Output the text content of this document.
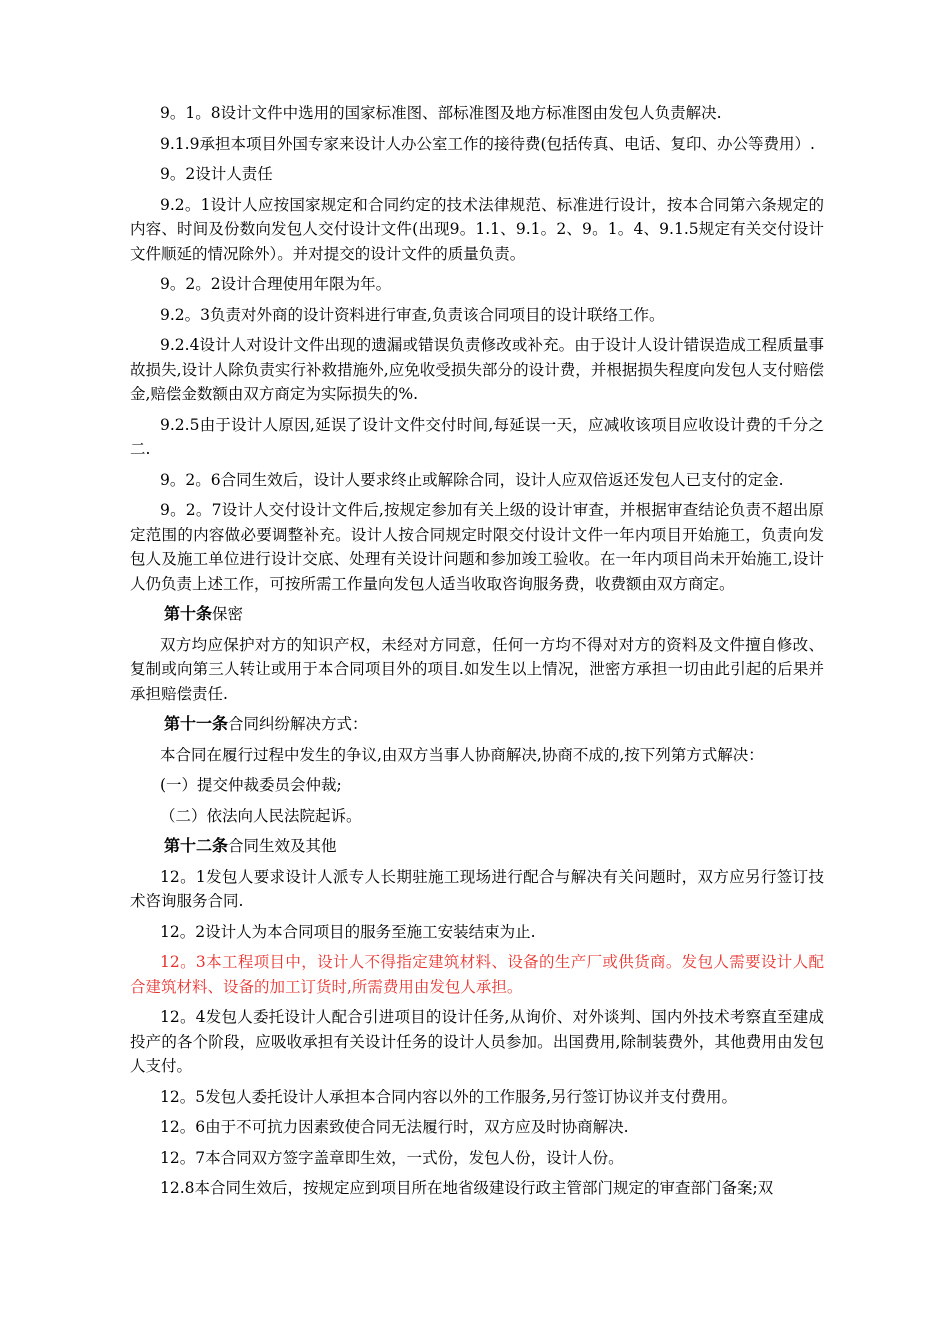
9。1。8设计文件中选用的国家标准图、部标准图及地方标准图由发包人负责解决.

9.1.9承担本项目外国专家来设计人办公室工作的接待费(包括传真、电话、复印、办公等费用）.

9。2设计人责任

9.2。1设计人应按国家规定和合同约定的技术法律规范、标准进行设计，按本合同第六条规定的内容、时间及份数向发包人交付设计文件(出现9。1.1、9.1。2、9。1。4、9.1.5规定有关交付设计文件顺延的情况除外）。并对提交的设计文件的质量负责。

9。2。2设计合理使用年限为年。

9.2。3负责对外商的设计资料进行审查,负责该合同项目的设计联络工作。

9.2.4设计人对设计文件出现的遗漏或错误负责修改或补充。由于设计人设计错误造成工程质量事故损失,设计人除负责实行补救措施外,应免收受损失部分的设计费，并根据损失程度向发包人支付赔偿金,赔偿金数额由双方商定为实际损失的%.

9.2.5由于设计人原因,延误了设计文件交付时间,每延误一天，应减收该项目应收设计费的千分之二.

9。2。6合同生效后，设计人要求终止或解除合同，设计人应双倍返还发包人已支付的定金.

9。2。7设计人交付设计文件后,按规定参加有关上级的设计审查，并根据审查结论负责不超出原定范围的内容做必要调整补充。设计人按合同规定时限交付设计文件一年内项目开始施工，负责向发包人及施工单位进行设计交底、处理有关设计问题和参加竣工验收。在一年内项目尚未开始施工,设计人仍负责上述工作，可按所需工作量向发包人适当收取咨询服务费，收费额由双方商定。

第十条保密

双方均应保护对方的知识产权，未经对方同意，任何一方均不得对对方的资料及文件擅自修改、复制或向第三人转让或用于本合同项目外的项目.如发生以上情况，泄密方承担一切由此引起的后果并承担赔偿责任.

第十一条合同纠纷解决方式：

本合同在履行过程中发生的争议,由双方当事人协商解决,协商不成的,按下列第方式解决：

(一）提交仲裁委员会仲裁;

（二）依法向人民法院起诉。

第十二条合同生效及其他

12。1发包人要求设计人派专人长期驻施工现场进行配合与解决有关问题时，双方应另行签订技术咨询服务合同.

12。2设计人为本合同项目的服务至施工安装结束为止.

12。3本工程项目中，设计人不得指定建筑材料、设备的生产厂或供货商。发包人需要设计人配合建筑材料、设备的加工订货时,所需费用由发包人承担。

12。4发包人委托设计人配合引进项目的设计任务,从询价、对外谈判、国内外技术考察直至建成投产的各个阶段，应吸收承担有关设计任务的设计人员参加。出国费用,除制装费外，其他费用由发包人支付。

12。5发包人委托设计人承担本合同内容以外的工作服务,另行签订协议并支付费用。

12。6由于不可抗力因素致使合同无法履行时，双方应及时协商解决.

12。7本合同双方签字盖章即生效，一式份，发包人份，设计人份。

12.8本合同生效后，按规定应到项目所在地省级建设行政主管部门规定的审查部门备案;双
